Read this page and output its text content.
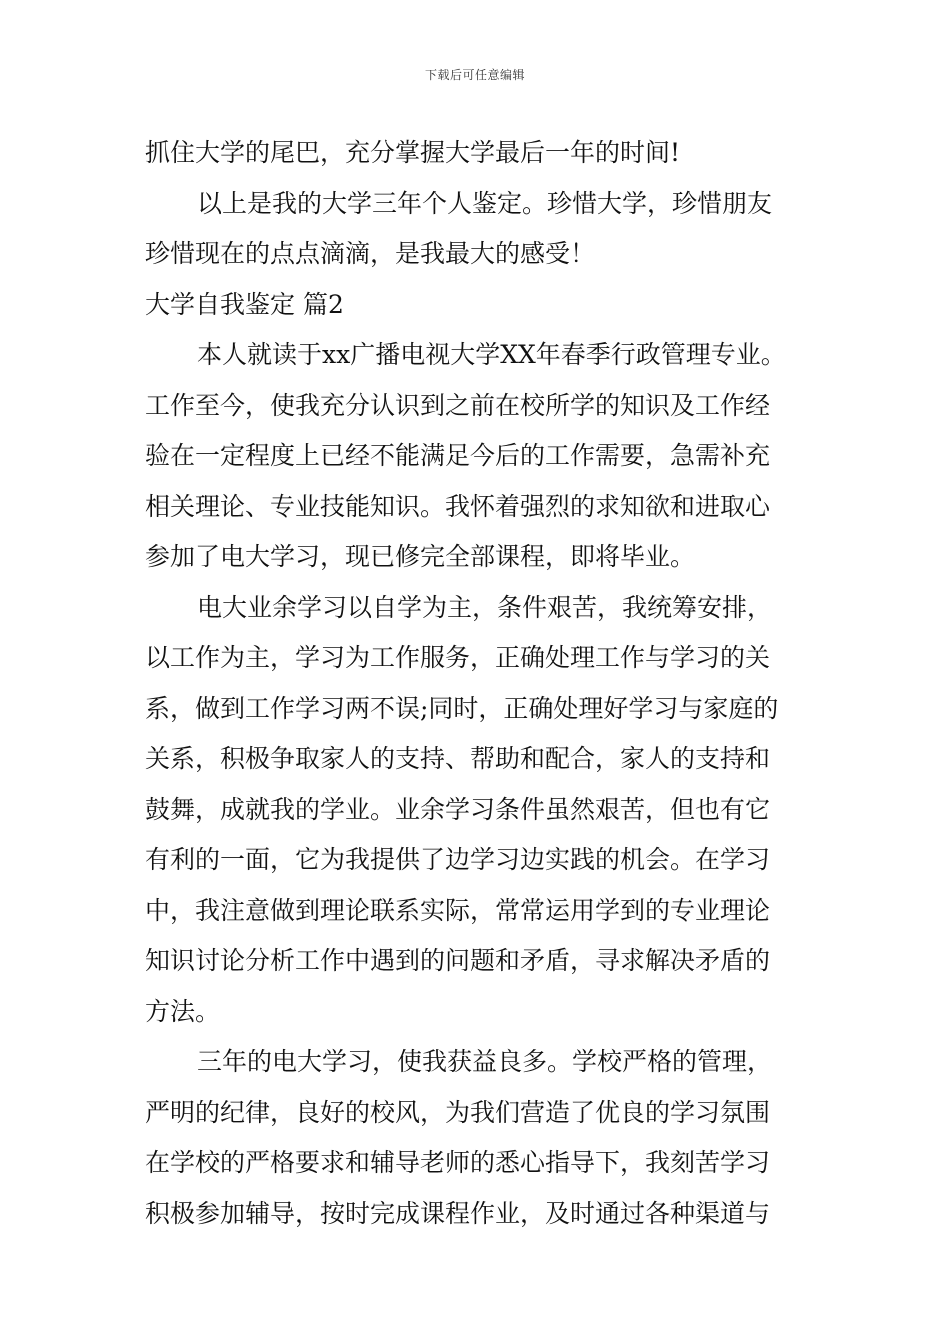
下载后可任意编辑
抓住大学的尾巴，充分掌握大学最后一年的时间!
以上是我的大学三年个人鉴定。珍惜大学，珍惜朋友
珍惜现在的点点滴滴，是我最大的感受！
大学自我鉴定 篇2
本人就读于xx广播电视大学XX年春季行政管理专业。
工作至今，使我充分认识到之前在校所学的知识及工作经
验在一定程度上已经不能满足今后的工作需要，急需补充
相关理论、专业技能知识。我怀着强烈的求知欲和进取心
参加了电大学习，现已修完全部课程，即将毕业。
电大业余学习以自学为主，条件艰苦，我统筹安排，
以工作为主，学习为工作服务，正确处理工作与学习的关
系，做到工作学习两不误;同时，正确处理好学习与家庭的
关系，积极争取家人的支持、帮助和配合，家人的支持和
鼓舞，成就我的学业。业余学习条件虽然艰苦，但也有它
有利的一面，它为我提供了边学习边实践的机会。在学习
中，我注意做到理论联系实际，常常运用学到的专业理论
知识讨论分析工作中遇到的问题和矛盾，寻求解决矛盾的
方法。
三年的电大学习，使我获益良多。学校严格的管理，
严明的纪律，良好的校风，为我们营造了优良的学习氛围
在学校的严格要求和辅导老师的悉心指导下，我刻苦学习
积极参加辅导，按时完成课程作业，及时通过各种渠道与
